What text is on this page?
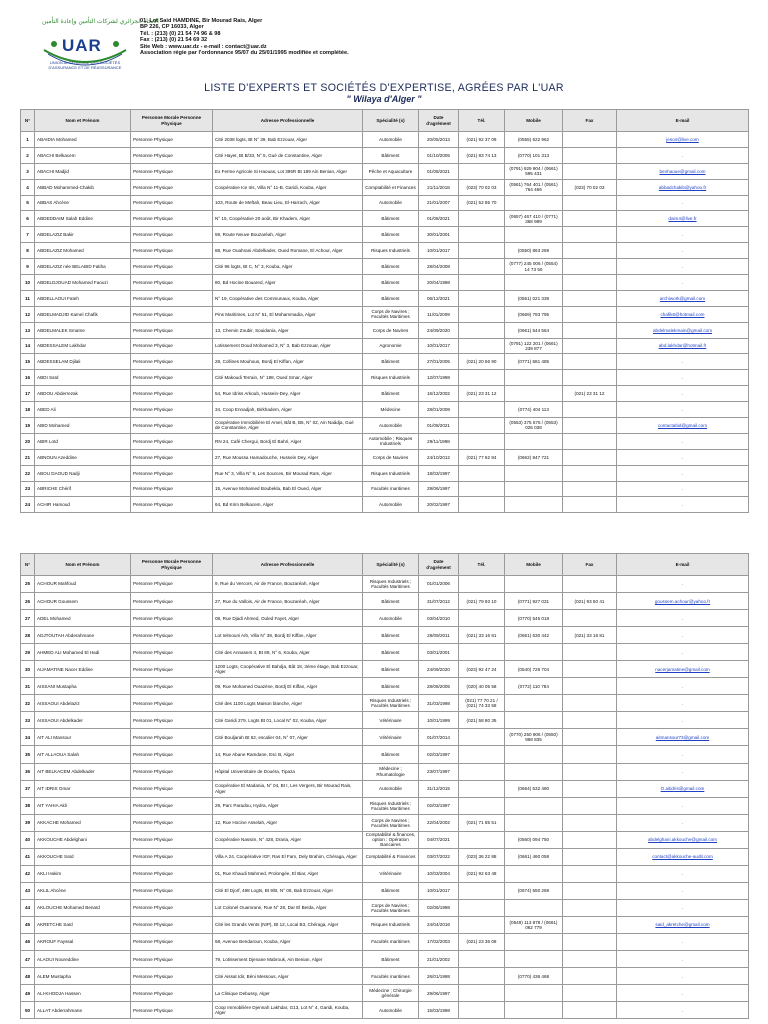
الاتحاد الجزائري لشركات التأمين وإعادة التأمين
UAR
UNION ALGÉRIENNE DES SOCIÉTÉS D'ASSURANCE ET DE RÉASSURANCE
01, Lot Said HAMDINE, Bir Mourad Rais, Alger
BP 226, CP 16033, Alger
Tél. : (213) (0) 21 54 74 96 & 98
Fax : (213) (0) 21 54 69 32
Site Web : www.uar.dz - e-mail : contact@uar.dz
Association régie par l'ordonnance 95/07 du 25/01/1995 modifiée et complétée.
LISTE D'EXPERTS ET SOCIÉTÉS D'EXPERTISE, AGRÉES PAR L'UAR
" Wilaya d'Alger "
N°	Nom et Prénom	Personne Morale Personne Physique	Adresse Professionnelle	Spécialité (s)	Date d'agrément	Tél.	Mobile	Fax	E-mail
1	ABAIDIA Mohamed	Personne Physique	Cité 2038 logts, Bt N° 39, Bab Ezzouar, Alger	Automobile	20/05/2013	(021) 92 37 09	(0555) 622 962		jesoir@live.com
2	ABACHI Belkacem	Personne Physique	Cité Hayet, Bt B/33, N° 5, Gué de Constantine, Alger	Bâtiment	01/10/2005	(021) 83 74 13	(0770) 101 313		.
3	ABACHI Madjid	Personne Physique	Ex Ferme Agricole Si Haouas, Lot 395R Bt 189 Ain Benian, Alger	Pêche et Aquaculture	01/08/2021		(0791) 929 904 / (0661) 595 431		benhaoue@gmail.com
4	ABBAD Mohammed-Chakib	Personne Physique	Coopérative Ice Iris, Villa N° 11-B, Garidi, Kouba, Alger	Comptabilité et Finances	21/11/2018	(023) 70 02 03	(0561) 764 401 / (0561) 764 466	(023) 70 02 03	abbadchakib@yahoo.fr
5	ABBAS Ahcène	Personne Physique	103, Route de Meftah, Beau Lieu, El-Harrach, Alger	Automobile	21/01/2007	(021) 52 85 70			.
6	ABDEDDAIM Salah Eddine	Personne Physique	N° 15, Coopérative 20 août, Bir Khadem, Alger	Bâtiment	01/08/2021		(0657) 467 410 / (0771) 368 989		daim4@live.fr
7	ABDELAZIZ Bakir	Personne Physique	59, Route Neuve Bouzaréah, Alger	Bâtiment	30/01/2001				.
8	ABDELAZIZ Mohamed	Personne Physique	88, Rue Ouahrani Abdelkader, Oued Romane, El Achour, Alger	Risques Industriels	10/01/2017		(0550) 863 269		.
9	ABDELAZIZ née BELABID Fatiha	Personne Physique	Cité 96 logts, Bt C, N° 3, Kouba, Alger	Bâtiment	28/04/2008		(0777) 245 006 / (0554) 14 73 50		.
10	ABDELDJOUAD Mohamed Faouzi	Personne Physique	80, Bd Hocine Bouared, Alger	Bâtiment	20/04/1998				.
11	ABDELLAOUI Fateh	Personne Physique	N° 19, Coopérative des Communaux, Kouba, Alger	Bâtiment	06/12/2021		(0551) 021 339		archiwork@gmail.com
12	ABDELMADJID Kamel Chafik	Personne Physique	Pins Maritimes, Lot N° 51, El Mohammadia, Alger	Corps de Navires ; Facultés Maritimes	11/01/2009		(0669) 793 795		chafik6@hotmail.com
13	ABDELMALEK Smaïne	Personne Physique	13, Chemin Zoubir, Souidania, Alger	Corps de Navires	24/09/2020		(0661) 544 564		abdelmalekmain@gmail.com
14	ABDESSALEM Lakhdar	Personne Physique	Lotissement Doud Mohamed 3, N° 3, Bab Ezzouar, Alger	Agronomie	10/01/2017		(0791) 122 201 / (0661) 239 877		abd.lakhdar@hotmail.fr
15	ABDESSELAM Djilali	Personne Physique	28, Collines Mouhous, Bordj El Kiffan, Alger	Bâtiment	27/01/2005	(021) 20 56 90	(0771) 581 485		.
16	ABDI Saïd	Personne Physique	Cité Makoudi Terrain, N° 198, Oued Smar, Alger	Risques Industriels	12/07/1998				.
17	ABDOU Abderrezak	Personne Physique	54, Rue Idriss Arkoub, Hussein-Dey, Alger	Bâtiment	16/12/2002	(021) 23 31 12		(021) 23 31 12	.
18	ABED Ali	Personne Physique	34, Coop Ennadjah, Birkhadem, Alger	Médecine	28/01/2008		(0774) 404 113		.
19	ABID Mohamed	Personne Physique	Coopérative Immobilière El Amel, Bât B, B5, N° 02, Ain Naâdja, Gué de Constantine, Alger	Automobile	01/08/2021		(0553) 375 575 / (0553) 026 038		contactabid@gmail.com
20	ABIR Lotd	Personne Physique	RN 24, Café Chergui, Bordj El Bahri, Alger	Automobile ; Risques Industriels	29/11/1998				.
21	ABNOUN Azeddine	Personne Physique	27, Rue Moussa Hamadouche, Hussein Dey, Alger	Corps de Navires	24/10/2012	(021) 77 62 84	(0662) 947 721		.
22	ABOU DAOUD Nadji	Personne Physique	Rue N° 3, Villa N° 9, Les Sources, Bir Mourad Raïs, Alger	Risques Industriels	18/03/1997				.
23	ABRICHE Chérif	Personne Physique	15, Avenue Mohamed Boubekla, Bab El Oued, Alger	Facultés maritimes	29/06/1997				.
24	ACHIR Hamoud	Personne Physique	64, Bd Krim Belkacem, Alger	Automobile	20/02/1997				.
N°	Nom et Prénom	Personne Morale Personne Physique	Adresse Professionnelle	Spécialité (s)	Date d'agrément	Tél.	Mobile	Fax	E-mail
25	ACHOUR Mahfoud	Personne Physique	9, Rue du Vercors, Air de France, Bouzaréah, Alger	Risques Industriels ; Facultés Maritimes	01/01/2006				.
26	ACHOUR Goussem	Personne Physique	27, Rue du Vallois, Air de France, Bouzaréah, Alger	Bâtiment	31/07/2012	(021) 79 93 10	(0771) 927 031	(021) 93 50 41	goussem.achour@yahoo.fr
27	ADEL Mohamed	Personne Physique	08, Rue Djadi Ahmed, Ouled Fayet, Alger	Automobile	03/04/2010		(0770) 545 018		.
28	ADJTOUTAH Abderahmane	Personne Physique	Lot Ielmouni A/6, Villa N° 38, Bordj El Kiffan, Alger	Bâtiment	26/09/2011	(021) 33 16 81	(0661) 630 442	(021) 33 16 81	.
29	AHMED ALI Mohamed El Hadi	Personne Physique	Cité des Annasers 4, Bt 89, N° 6, Kouba, Alger	Bâtiment	03/01/2001				.
30	AIJAMATINE Nacer Eddine	Personne Physique	1200 Logts, Coopérative El Bahdja, Bât 18, 3ème étage, Bab Ezzouar, Alger	Bâtiment	24/09/2020	(023) 92 47 24	(0540) 726 704		nacerjamatine@gmail.com
31	AISSANI Mustapha	Personne Physique	09, Rue Mohamed Ouazène, Bordj El Kiffan, Alger	Bâtiment	28/08/2005	(020) 40 05 58	(0772) 110 784		.
32	AISSAOUI Abdelaziz	Personne Physique	Cité des 1100 Logts Maison blanche, Alger	Risques Industriels ; Facultés Maritimes	31/03/1998	(021) 77 70 21 / (021) 74 33 58			.
33	AISSAOUI Abdelkader	Personne Physique	Cité Garidi 279, Logts Bt 01, Local N° 02, Kouba, Alger	Vétérinaire	10/01/1999	(021) 58 80 35			.
34	AIT ALI Mansour	Personne Physique	Cité Bouljarah Bt 62, escalier 04, N° 07, Alger	Vétérinaire	01/07/2014		(0770) 250 906 / (0550) 968 835		aitmansour73@gmail.com
35	AIT ALLAOUA Salah	Personne Physique	14, Rue Abane Ramdane, Esc B, Alger	Bâtiment	02/03/1997				.
36	AIT BELKACEM Abdelkader	Personne Physique	Hôpital Universitaire de Douéra, Tipaza	Médecine ; Rhumatologie	23/07/1997				.
37	AIT IDRIS Omar	Personne Physique	Coopérative El Madania, N° 04, Bt I, Les Vergers, Bir Mourad Rais, Alger	Automobile	31/12/2015		(0664) 532 480		O.aitidris@gmail.com
38	AIT YAHIA Akli	Personne Physique	29, Parc Paradou, Hydra, Alger	Risques Industriels ; Facultés Maritimes	02/03/1997				.
39	AKKACHE Mohamed	Personne Physique	12, Rue Hocine Asselah, Alger	Corps de Navires ; Facultés Maritimes	22/04/2002	(021) 71 85 51			.
40	AKKOUCHE Abdelghani	Personne Physique	Coopérative Nassim, N° 428, Draria, Alger	Comptabilité & finances, option : Opération Bancaires	04/07/2021		(0560) 094 750		abdelghani.akkouche@gmail.com
41	AKKOUCHE Saïd	Personne Physique	Villa A 24, Coopérative IGF, Ras El Fam, Dely Brahim, Chéraga, Alger	Comptabilité & Finances	03/07/2022	(023) 36 22 88	(0661) 460 058		contact@akkouche-audit.com
42	AKLI Hakim	Personne Physique	01, Rue Khaudi Mahmed, Prolongée, El Biar, Alger	Vétérinaire	10/03/2004	(021) 92 63 48			.
43	AKLIL Ahcène	Personne Physique	Cité El Djorf, 498 Logts, Bt 9/B, N° 06, Bab Ezzouar, Alger	Bâtiment	10/01/2017		(0674) 550 268		.
44	AKLOUCHE Mohamed Benaïd	Personne Physique	Lot Colonel Ouamrane, Rue N° 28, Dar El Beïda, Alger	Corps de Navires ; Facultés Maritimes	02/06/1998				.
45	AKRETCHE Saïd	Personne Physique	Cité les Grands Vents (NIP), Bt 12, Local B3, Chéraga, Alger	Risques Industriels	24/04/2016		(0549) 113 878 / (0661) 062 779		said_akretche@gmail.com
46	AKROUF Fayssal	Personne Physique	58, Avenue Bendaroun, Kouba, Alger	Facultés maritimes	17/02/2003	(021) 23 36 08			.
47	ALAOUI Noureddine	Personne Physique	79, Lotissement Djenane Mabrouk, Ain Benian, Alger	Bâtiment	21/01/2002				.
48	ALEM Mustapha	Personne Physique	Cité Aissat Idir, Béni Messous, Alger	Facultés maritimes	26/01/1998		(0770) 436 468		.
49	ALI-KHODJA Hassen	Personne Physique	La Clinique Debussy, Alger	Médecine ; Chirurgie générale	29/06/1997				.
50	ALLAT Abderrahmane	Personne Physique	Coop Immobilière Djennah Lakhdar, G13, Lot N° 4, Garidi, Kouba, Alger	Automobile	15/03/1998				.
